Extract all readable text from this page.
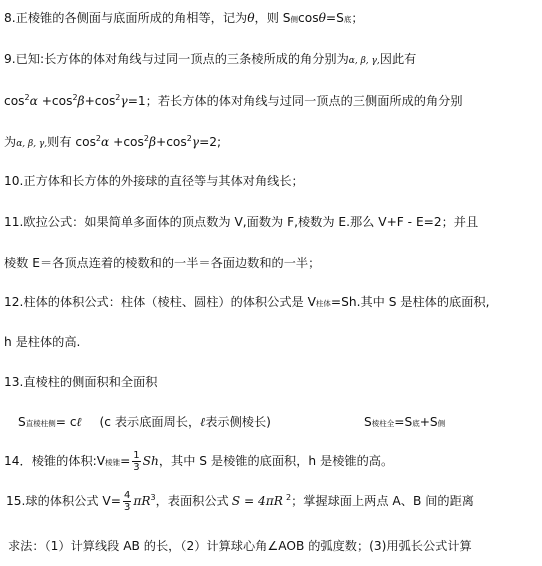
8.正棱锥的各侧面与底面所成的角相等，记为θ，则 S侧cosθ=S底；
9.已知:长方体的体对角线与过同一顶点的三条棱所成的角分别为α, β, γ,因此有
$\cos^2\alpha +\cos^2\beta+\cos^2\gamma=1$；若长方体的体对角线与过同一顶点的三侧面所成的角分别
为α, β, γ,则有 $\cos^2\alpha +\cos^2\beta+\cos^2\gamma=2$;
10.正方体和长方体的外接球的直径等与其体对角线长；
11.欧拉公式：如果简单多面体的顶点数为 V,面数为 F,棱数为 E.那么 V+F - E=2；并且
棱数 E＝各顶点连着的棱数和的一半＝各面边数和的一半；
12.柱体的体积公式：柱体（棱柱、圆柱）的体积公式是 V柱体=Sh.其中 S 是柱体的底面积,
h 是柱体的高.
13.直棱柱的侧面积和全面积
S直棱柱侧= cℓ (c 表示底面周长，ℓ表示侧棱长)	S棱柱全=S底+S侧
14．棱锥的体积:V棱锥= $\frac{1}{3}$ Sh，其中 S 是棱锥的底面积，h 是棱锥的高。
15.球的体积公式 $V= \frac{4}{3} \pi R^3$，表面积公式 S = 4πR $^2$；掌握球面上两点 A、B 间的距离
求法：（1）计算线段 AB 的长，（2）计算球心角∠AOB 的弧度数；(3)用弧长公式计算
